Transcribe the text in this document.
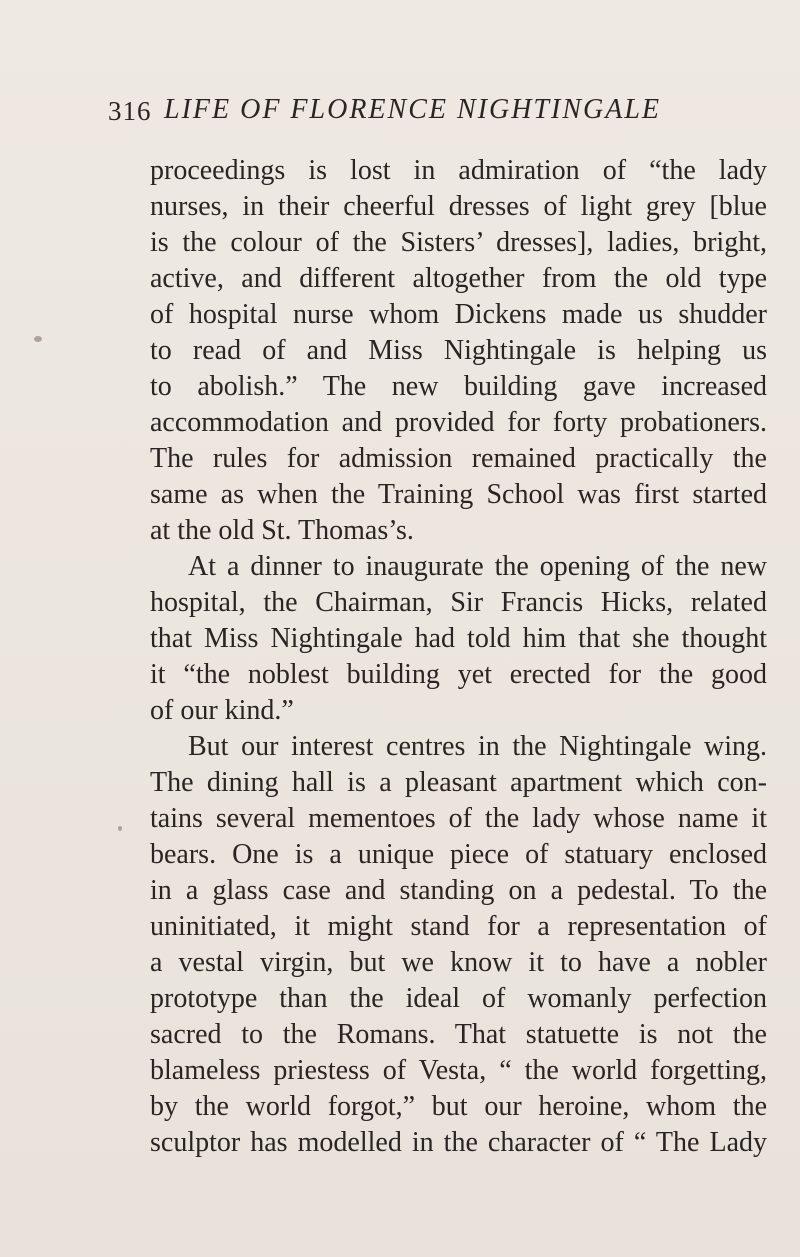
316 LIFE OF FLORENCE NIGHTINGALE
proceedings is lost in admiration of “the lady
nurses, in their cheerful dresses of light grey [blue
is the colour of the Sisters’ dresses], ladies, bright,
active, and different altogether from the old type
of hospital nurse whom Dickens made us shudder
to read of and Miss Nightingale is helping us
to abolish.” The new building gave increased
accommodation and provided for forty probationers.
The rules for admission remained practically the
same as when the Training School was first started
at the old St. Thomas’s.
At a dinner to inaugurate the opening of the new
hospital, the Chairman, Sir Francis Hicks, related
that Miss Nightingale had told him that she thought
it “the noblest building yet erected for the good
of our kind.”
But our interest centres in the Nightingale wing.
The dining hall is a pleasant apartment which con-
tains several mementoes of the lady whose name it
bears. One is a unique piece of statuary enclosed
in a glass case and standing on a pedestal. To the
uninitiated, it might stand for a representation of
a vestal virgin, but we know it to have a nobler
prototype than the ideal of womanly perfection
sacred to the Romans. That statuette is not the
blameless priestess of Vesta, “ the world forgetting,
by the world forgot,” but our heroine, whom the
sculptor has modelled in the character of “ The Lady
